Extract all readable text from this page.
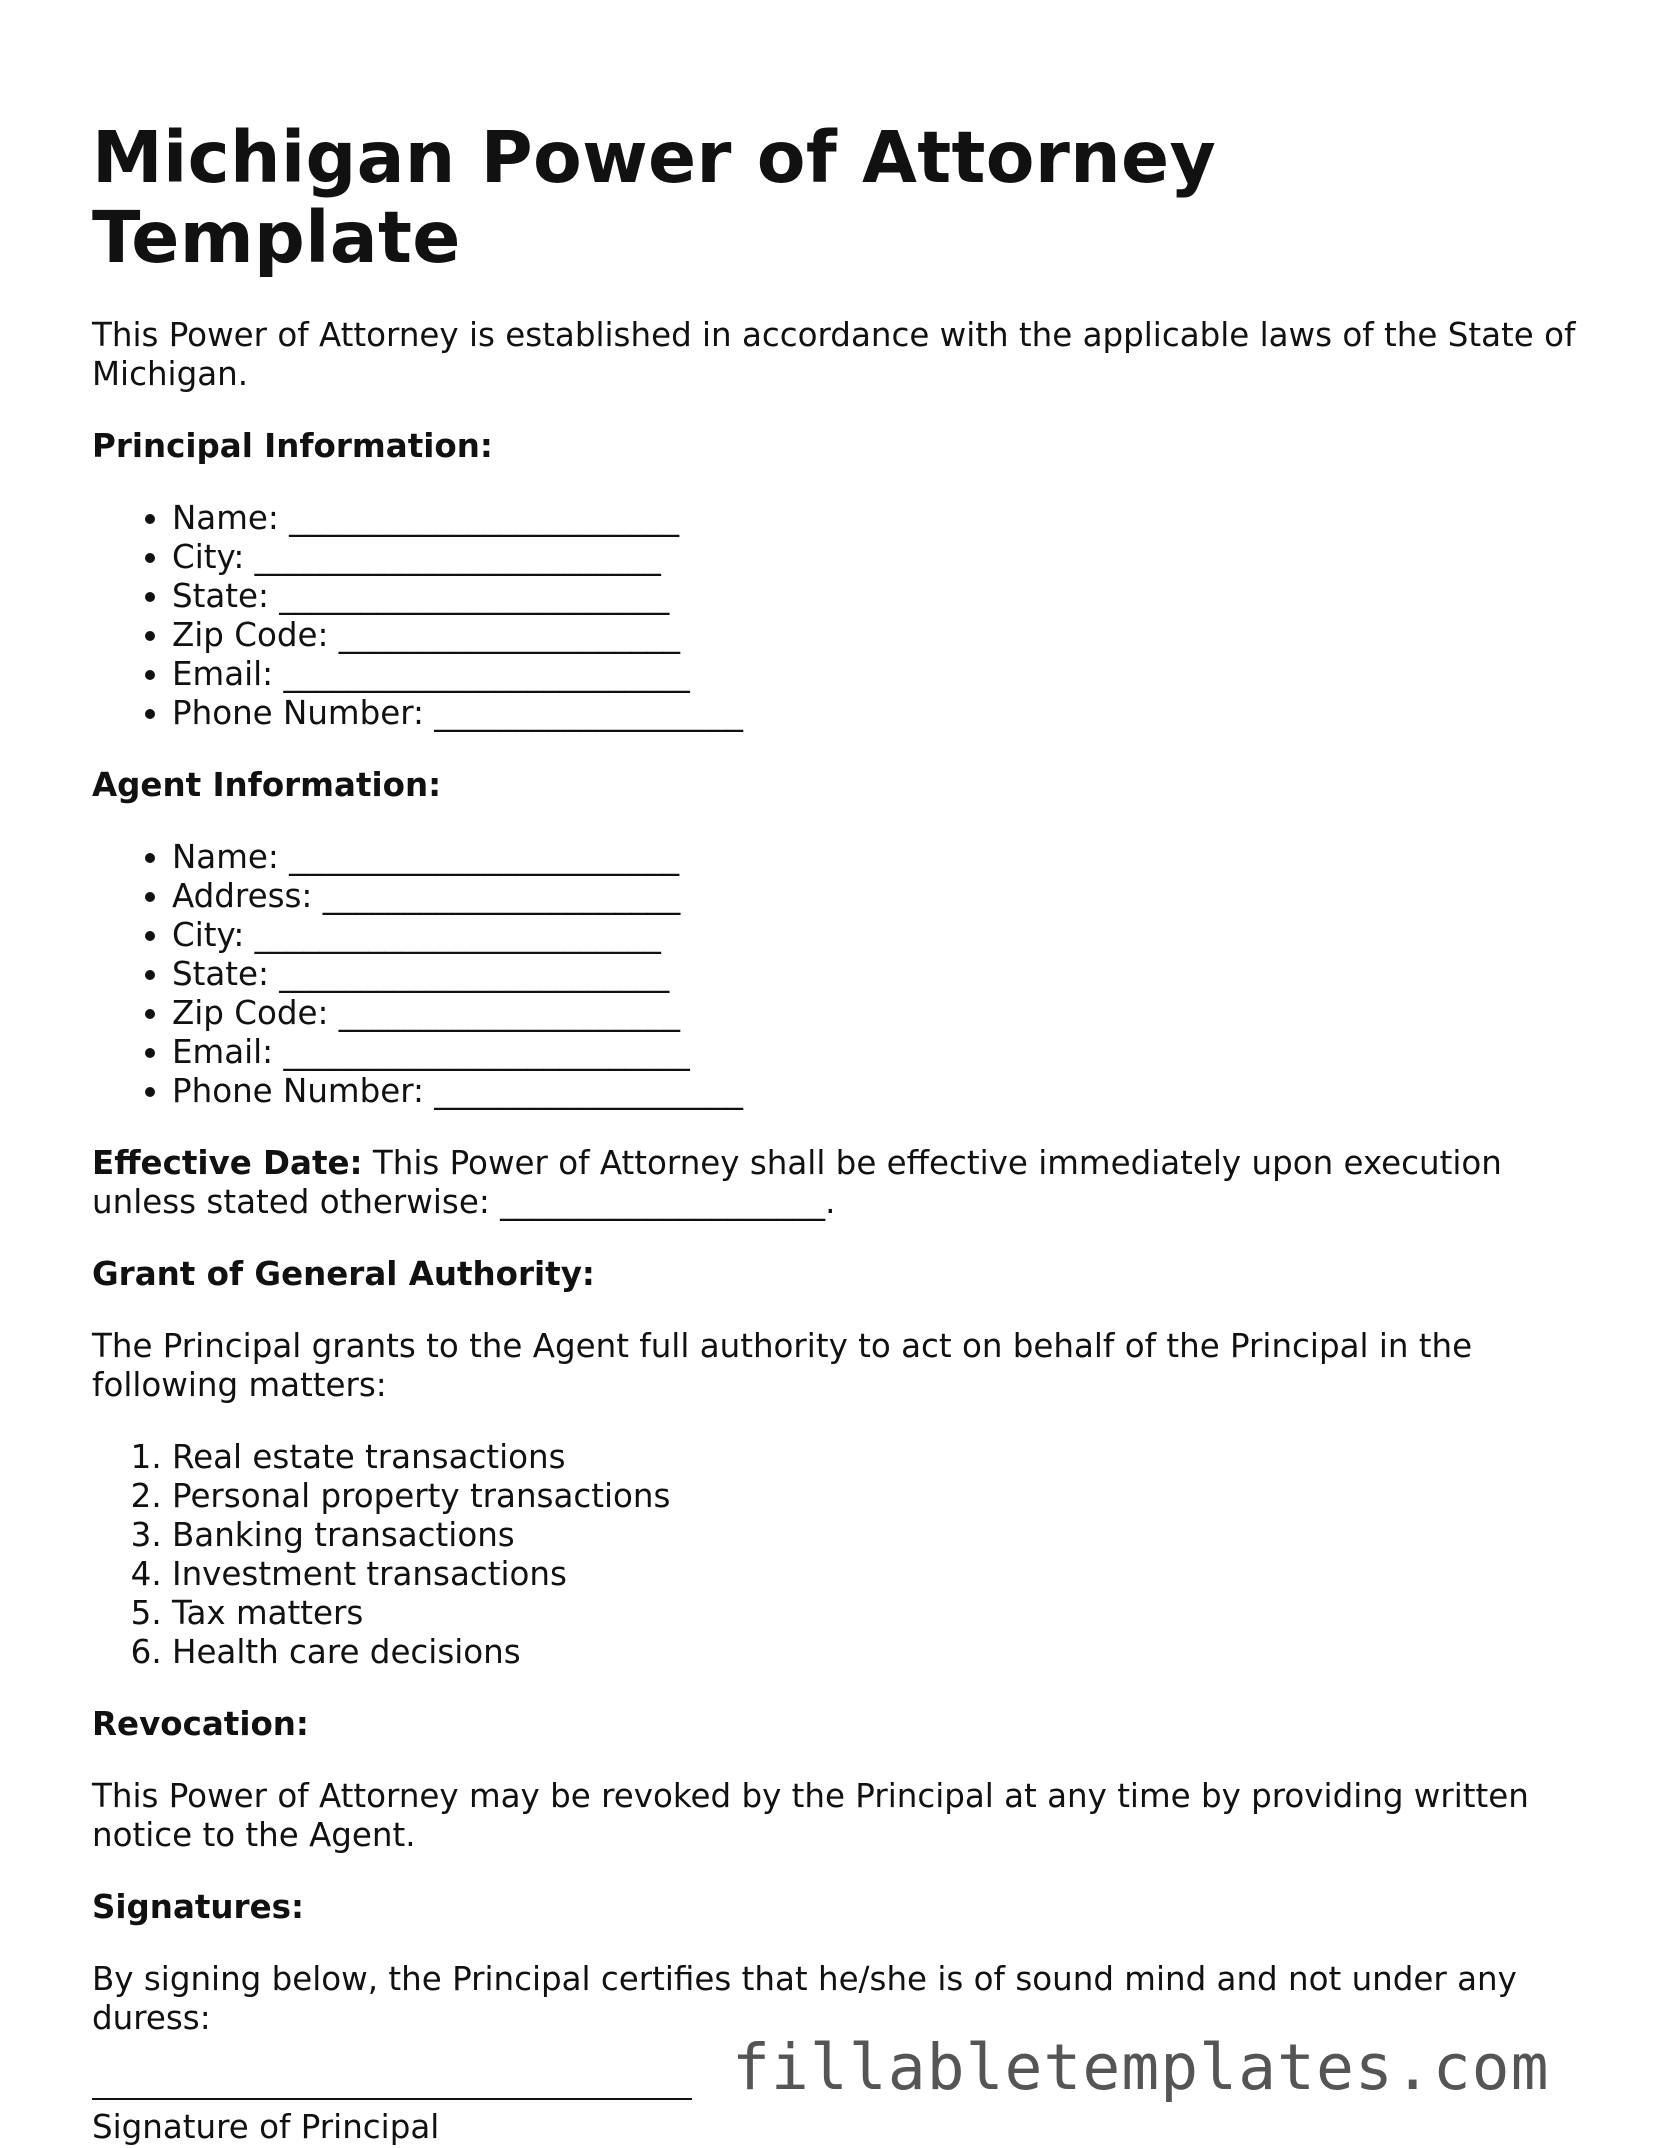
Michigan Power of Attorney Template

This Power of Attorney is established in accordance with the applicable laws of the State of Michigan.

Principal Information:

• Name: ________________________
• City: _________________________
• State: ________________________
• Zip Code: _____________________
• Email: _________________________
• Phone Number: ___________________

Agent Information:

• Name: ________________________
• Address: ______________________
• City: _________________________
• State: ________________________
• Zip Code: _____________________
• Email: _________________________
• Phone Number: ___________________

Effective Date: This Power of Attorney shall be effective immediately upon execution unless stated otherwise: ____________________.

Grant of General Authority:

The Principal grants to the Agent full authority to act on behalf of the Principal in the following matters:

1. Real estate transactions
2. Personal property transactions
3. Banking transactions
4. Investment transactions
5. Tax matters
6. Health care decisions

Revocation:

This Power of Attorney may be revoked by the Principal at any time by providing written notice to the Agent.

Signatures:

By signing below, the Principal certifies that he/she is of sound mind and not under any duress:

Signature of Principal
fillabletemplates.com
